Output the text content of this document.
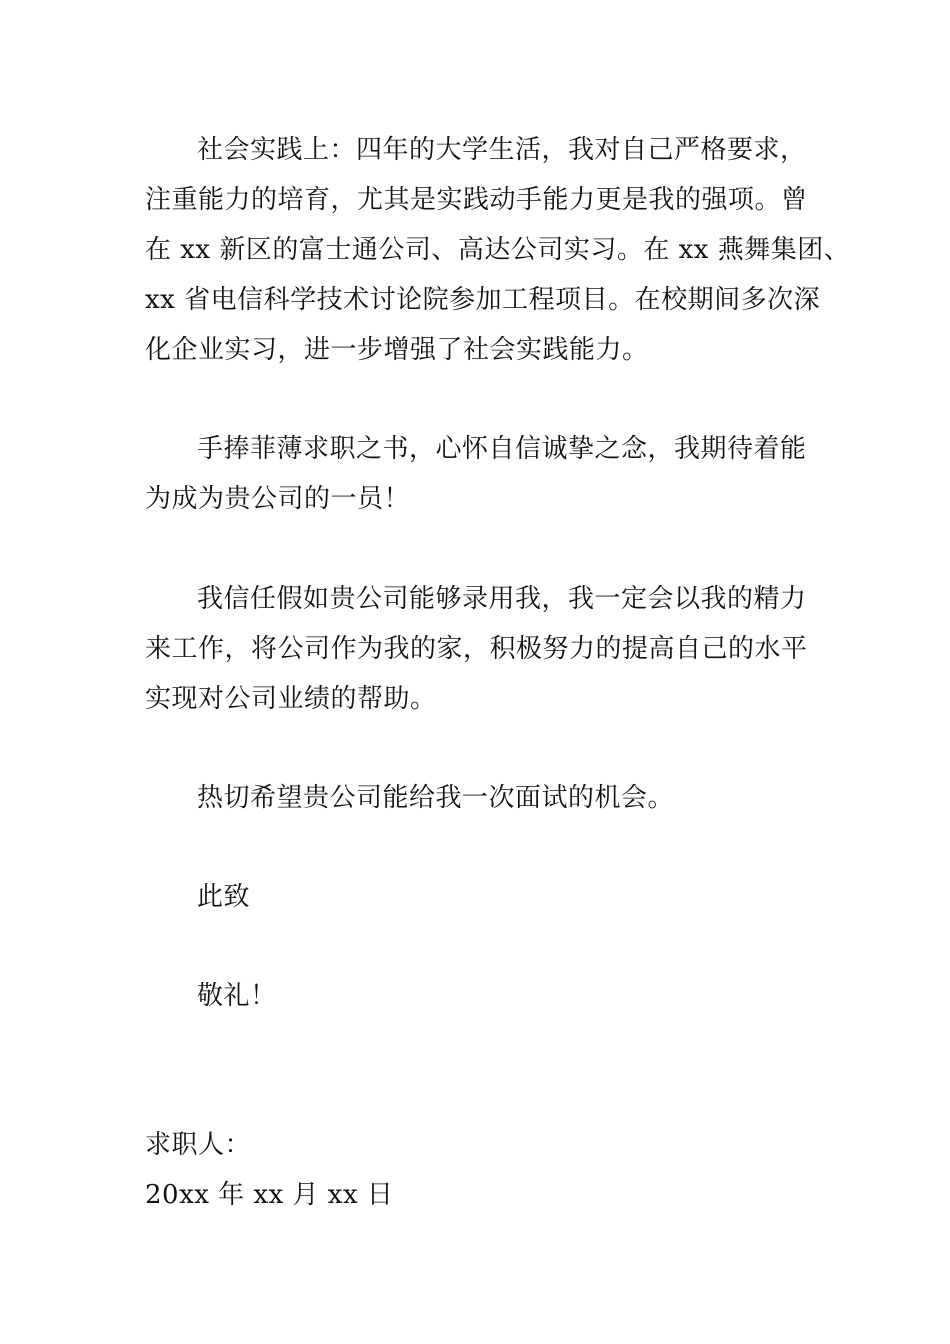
社会实践上：四年的大学生活，我对自己严格要求，
注重能力的培育，尤其是实践动手能力更是我的强项。曾
在 xx 新区的富士通公司、高达公司实习。在 xx 燕舞集团、
xx 省电信科学技术讨论院参加工程项目。在校期间多次深
化企业实习，进一步增强了社会实践能力。
手捧菲薄求职之书，心怀自信诚挚之念，我期待着能
为成为贵公司的一员！
我信任假如贵公司能够录用我，我一定会以我的精力
来工作，将公司作为我的家，积极努力的提高自己的水平
实现对公司业绩的帮助。
热切希望贵公司能给我一次面试的机会。
此致
敬礼！
求职人：
20xx 年 xx 月 xx 日
